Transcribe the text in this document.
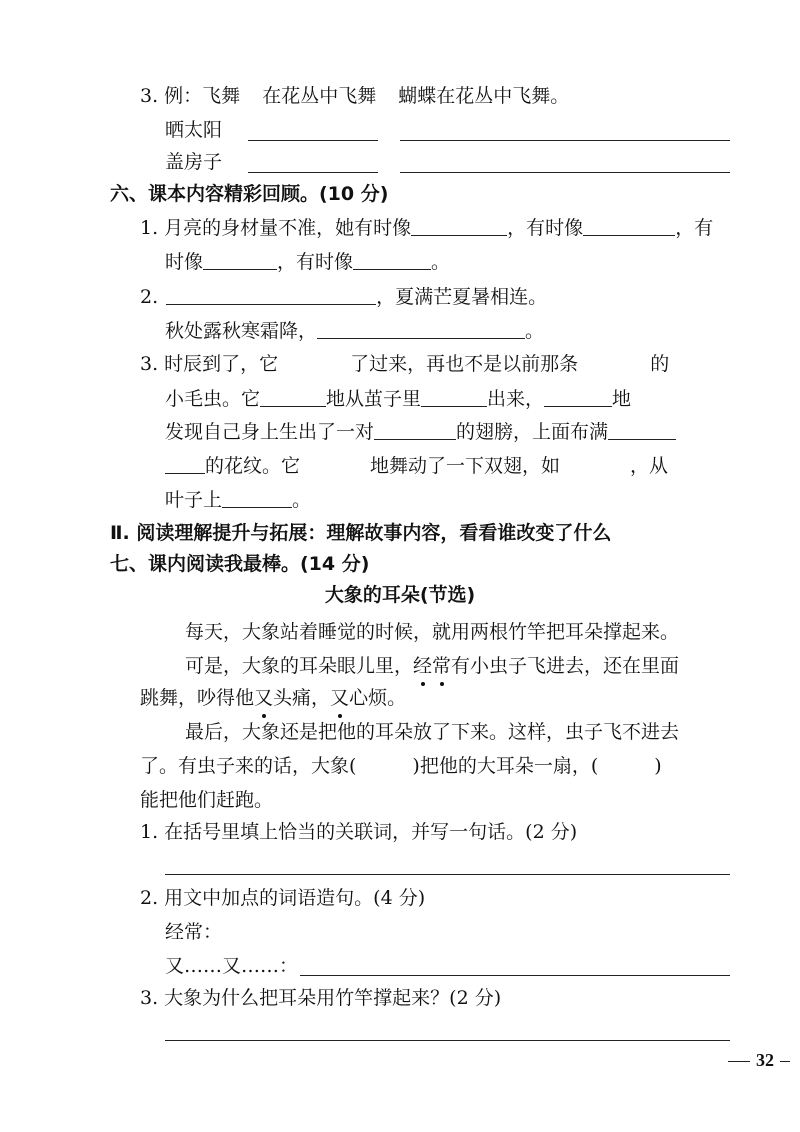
3. 例：飞舞 在花丛中飞舞 蝴蝶在花丛中飞舞。
晒太阳
盖房子
六、课本内容精彩回顾。(10 分)
1. 月亮的身材量不准，她有时像	，有时像	，有
时像	，有时像	。
2.	，夏满芒夏暑相连。
秋处露秋寒霜降，	。
3. 时辰到了，它	了过来，再也不是以前那条	的
小毛虫。它	地从茧子里	出来，	地
发现自己身上生出了一对	的翅膀，上面布满
的花纹。它	地舞动了一下双翅，如	，从
叶子上	。
Ⅱ. 阅读理解提升与拓展：理解故事内容，看看谁改变了什么
七、课内阅读我最棒。(14 分)
大象的耳朵(节选)
每天，大象站着睡觉的时候，就用两根竹竿把耳朵撑起来。
可是，大象的耳朵眼儿里，经常有小虫子飞进去，还在里面
跳舞，吵得他又头痛，又心烦。
最后，大象还是把他的耳朵放了下来。这样，虫子飞不进去
了。有虫子来的话，大象(	)把他的大耳朵一扇，(	)
能把他们赶跑。
1. 在括号里填上恰当的关联词，并写一句话。(2 分)
2. 用文中加点的词语造句。(4 分)
经常：
又……又……：
3. 大象为什么把耳朵用竹竿撑起来？(2 分)
32
